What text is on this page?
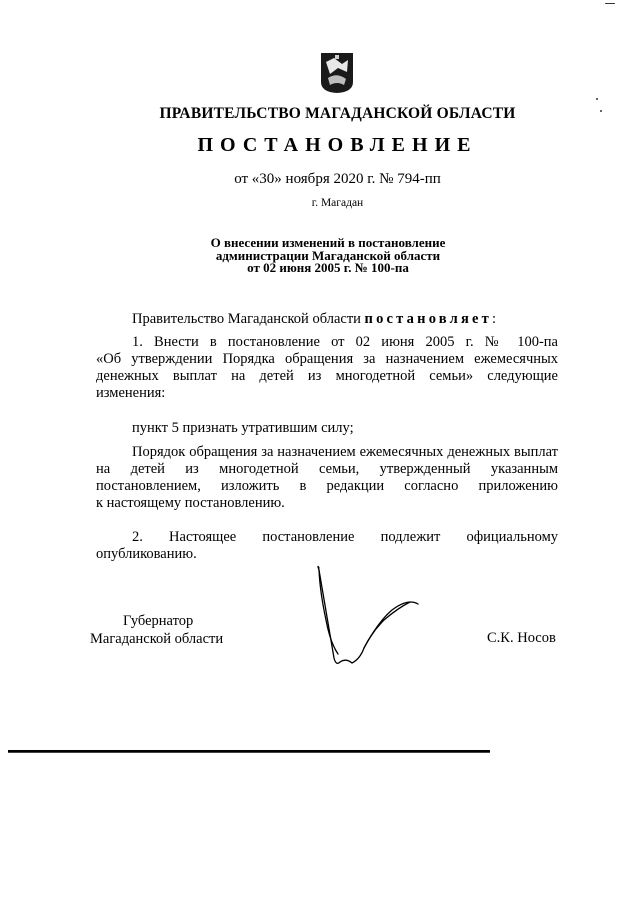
ПРАВИТЕЛЬСТВО МАГАДАНСКОЙ ОБЛАСТИ
ПОСТАНОВЛЕНИЕ
от «30» ноября 2020 г. № 794-пп
г. Магадан
О внесении изменений в постановление
администрации Магаданской области
от 02 июня 2005 г. № 100-па
Правительство Магаданской области постановляет:
1. Внести в постановление от 02 июня 2005 г. № 100-па
«Об утверждении Порядка обращения за назначением ежемесячных
денежных выплат на детей из многодетной семьи» следующие
изменения:
пункт 5 признать утратившим силу;
Порядок обращения за назначением ежемесячных денежных выплат
на детей из многодетной семьи, утвержденный указанным
постановлением, изложить в редакции согласно приложению
к настоящему постановлению.
2. Настоящее постановление подлежит официальному
опубликованию.
Губернатор
Магаданской области	С.К. Носов
